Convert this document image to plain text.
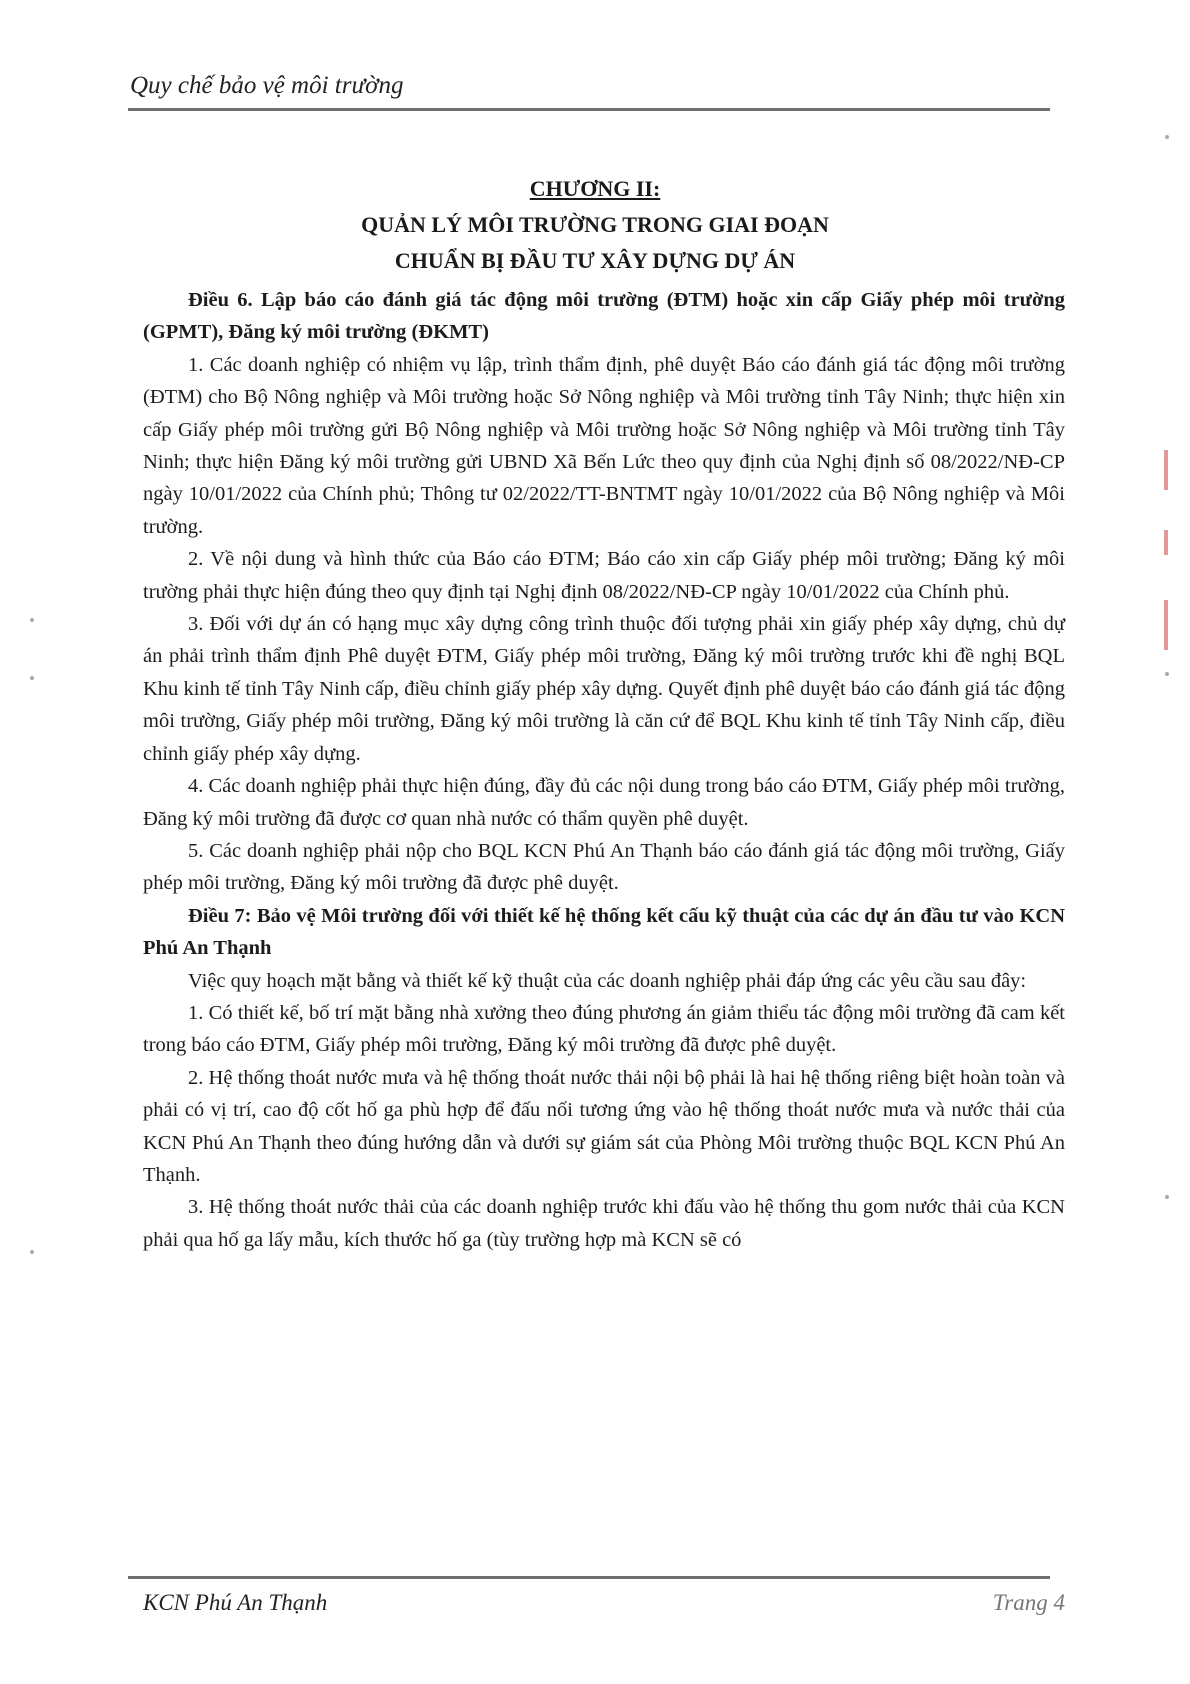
Quy chế bảo vệ môi trường
CHƯƠNG II:
QUẢN LÝ MÔI TRƯỜNG TRONG GIAI ĐOẠN
CHUẨN BỊ ĐẦU TƯ XÂY DỰNG DỰ ÁN

Điều 6. Lập báo cáo đánh giá tác động môi trường (ĐTM) hoặc xin cấp Giấy phép môi trường (GPMT), Đăng ký môi trường (ĐKMT)

1. Các doanh nghiệp có nhiệm vụ lập, trình thẩm định, phê duyệt Báo cáo đánh giá tác động môi trường (ĐTM) cho Bộ Nông nghiệp và Môi trường hoặc Sở Nông nghiệp và Môi trường tỉnh Tây Ninh; thực hiện xin cấp Giấy phép môi trường gửi Bộ Nông nghiệp và Môi trường hoặc Sở Nông nghiệp và Môi trường tỉnh Tây Ninh; thực hiện Đăng ký môi trường gửi UBND Xã Bến Lức theo quy định của Nghị định số 08/2022/NĐ-CP ngày 10/01/2022 của Chính phủ; Thông tư 02/2022/TT-BNTMT ngày 10/01/2022 của Bộ Nông nghiệp và Môi trường.

2. Về nội dung và hình thức của Báo cáo ĐTM; Báo cáo xin cấp Giấy phép môi trường; Đăng ký môi trường phải thực hiện đúng theo quy định tại Nghị định 08/2022/NĐ-CP ngày 10/01/2022 của Chính phủ.

3. Đối với dự án có hạng mục xây dựng công trình thuộc đối tượng phải xin giấy phép xây dựng, chủ dự án phải trình thẩm định Phê duyệt ĐTM, Giấy phép môi trường, Đăng ký môi trường trước khi đề nghị BQL Khu kinh tế tỉnh Tây Ninh cấp, điều chỉnh giấy phép xây dựng. Quyết định phê duyệt báo cáo đánh giá tác động môi trường, Giấy phép môi trường, Đăng ký môi trường là căn cứ để BQL Khu kinh tế tỉnh Tây Ninh cấp, điều chỉnh giấy phép xây dựng.

4. Các doanh nghiệp phải thực hiện đúng, đầy đủ các nội dung trong báo cáo ĐTM, Giấy phép môi trường, Đăng ký môi trường đã được cơ quan nhà nước có thẩm quyền phê duyệt.

5. Các doanh nghiệp phải nộp cho BQL KCN Phú An Thạnh báo cáo đánh giá tác động môi trường, Giấy phép môi trường, Đăng ký môi trường đã được phê duyệt.

Điều 7: Bảo vệ Môi trường đối với thiết kế hệ thống kết cấu kỹ thuật của các dự án đầu tư vào KCN Phú An Thạnh

Việc quy hoạch mặt bằng và thiết kế kỹ thuật của các doanh nghiệp phải đáp ứng các yêu cầu sau đây:

1. Có thiết kế, bố trí mặt bằng nhà xưởng theo đúng phương án giảm thiểu tác động môi trường đã cam kết trong báo cáo ĐTM, Giấy phép môi trường, Đăng ký môi trường đã được phê duyệt.

2. Hệ thống thoát nước mưa và hệ thống thoát nước thải nội bộ phải là hai hệ thống riêng biệt hoàn toàn và phải có vị trí, cao độ cốt hố ga phù hợp để đấu nối tương ứng vào hệ thống thoát nước mưa và nước thải của KCN Phú An Thạnh theo đúng hướng dẫn và dưới sự giám sát của Phòng Môi trường thuộc BQL KCN Phú An Thạnh.

3. Hệ thống thoát nước thải của các doanh nghiệp trước khi đấu vào hệ thống thu gom nước thải của KCN phải qua hố ga lấy mẫu, kích thước hố ga (tùy trường hợp mà KCN sẽ có

KCN Phú An Thạnh	Trang 4
